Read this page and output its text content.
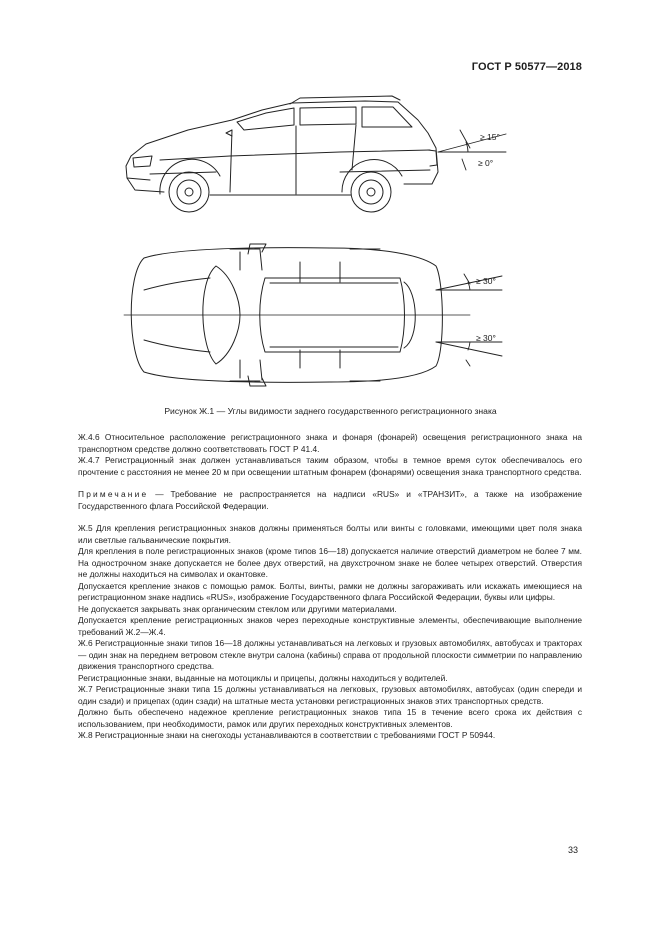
ГОСТ Р 50577—2018
≥ 15°
≥ 0°
≥ 30°
≥ 30°
Рисунок Ж.1 — Углы видимости заднего государственного регистрационного знака

Ж.4.6 Относительное расположение регистрационного знака и фонаря (фонарей) освещения регистрационного знака на транспортном средстве должно соответствовать ГОСТ Р 41.4.

Ж.4.7 Регистрационный знак должен устанавливаться таким образом, чтобы в темное время суток обеспечивалось его прочтение с расстояния не менее 20 м при освещении штатным фонарем (фонарями) освещения знака транспортного средства.

Примечание — Требование не распространяется на надписи «RUS» и «ТРАНЗИТ», а также на изображение Государственного флага Российской Федерации.

Ж.5 Для крепления регистрационных знаков должны применяться болты или винты с головками, имеющими цвет поля знака или светлые гальванические покрытия.

Для крепления в поле регистрационных знаков (кроме типов 16—18) допускается наличие отверстий диаметром не более 7 мм. На однострочном знаке допускается не более двух отверстий, на двухстрочном знаке не более четырех отверстий. Отверстия не должны находиться на символах и окантовке.

Допускается крепление знаков с помощью рамок. Болты, винты, рамки не должны загораживать или искажать имеющиеся на регистрационном знаке надпись «RUS», изображение Государственного флага Российской Федерации, буквы или цифры.

Не допускается закрывать знак органическим стеклом или другими материалами.

Допускается крепление регистрационных знаков через переходные конструктивные элементы, обеспечивающие выполнение требований Ж.2—Ж.4.

Ж.6 Регистрационные знаки типов 16—18 должны устанавливаться на легковых и грузовых автомобилях, автобусах и тракторах — один знак на переднем ветровом стекле внутри салона (кабины) справа от продольной плоскости симметрии по направлению движения транспортного средства.

Регистрационные знаки, выданные на мотоциклы и прицепы, должны находиться у водителей.

Ж.7 Регистрационные знаки типа 15 должны устанавливаться на легковых, грузовых автомобилях, автобусах (один спереди и один сзади) и прицепах (один сзади) на штатные места установки регистрационных знаков этих транспортных средств.

Должно быть обеспечено надежное крепление регистрационных знаков типа 15 в течение всего срока их действия с использованием, при необходимости, рамок или других переходных конструктивных элементов.

Ж.8 Регистрационные знаки на снегоходы устанавливаются в соответствии с требованиями ГОСТ Р 50944.

33
